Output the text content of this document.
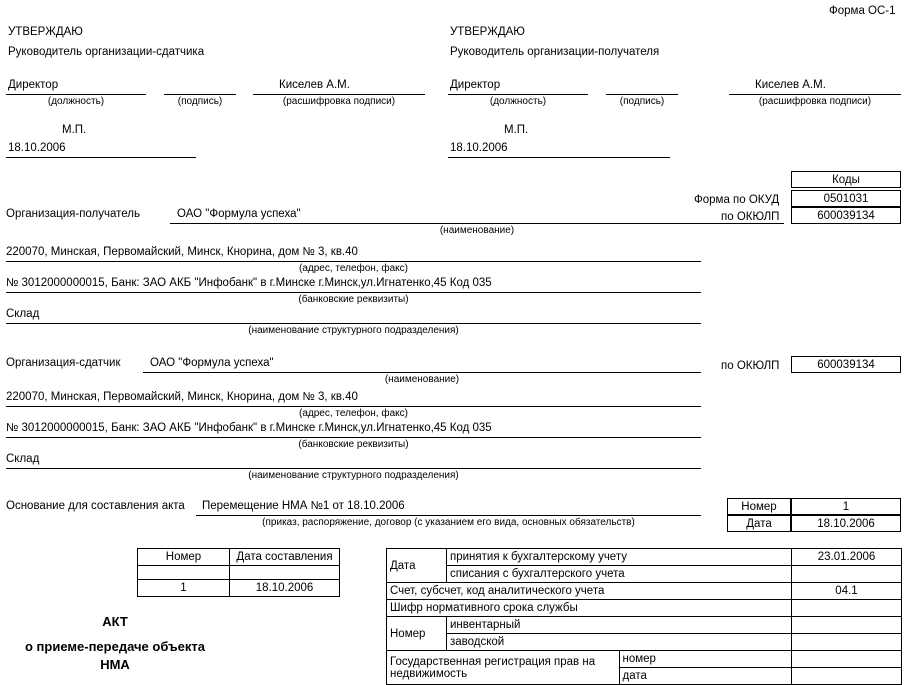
Форма ОС-1
УТВЕРЖДАЮ
Руководитель организации-сдатчика
Директор
(должность)	(подпись)
Киселев А.М.
(расшифровка подписи)
М.П.
18.10.2006
УТВЕРЖДАЮ
Руководитель организации-получателя
Директор
(должность)	(подпись)
Киселев А.М.
(расшифровка подписи)
М.П.
18.10.2006
Коды
Форма по ОКУД	0501031
по ОКЮЛП	600039134
Организация-получатель	ОАО "Формула успеха"
(наименование)
220070, Минская, Первомайский, Минск, Кнорина, дом № 3, кв.40
(адрес, телефон, факс)
№ 3012000000015, Банк: ЗАО АКБ "Инфобанк" в г.Минске г.Минск,ул.Игнатенко,45 Код 035
(банковские реквизиты)
Склад
(наименование структурного подразделения)
Организация-сдатчик	ОАО "Формула успеха"
(наименование)
по ОКЮЛП	600039134
220070, Минская, Первомайский, Минск, Кнорина, дом № 3, кв.40
(адрес, телефон, факс)
№ 3012000000015, Банк: ЗАО АКБ "Инфобанк" в г.Минске г.Минск,ул.Игнатенко,45 Код 035
(банковские реквизиты)
Склад
(наименование структурного подразделения)
Основание для составления акта Перемещение НМА №1 от 18.10.2006
(приказ, распоряжение, договор (с указанием его вида, основных обязательств)
Номер	1
Дата	18.10.2006
Номер	Дата составления

1	18.10.2006
АКТ
о приеме-передаче объекта
НМА
Дата	принятия к бухгалтерскому учету		23.01.2006
	списания с бухгалтерского учета		
Счет, субсчет, код аналитического учета			04.1
Шифр нормативного срока службы			
Номер	инвентарный		
	заводской		
Государственная регистрация прав на недвижимость		номер	
		дата	
